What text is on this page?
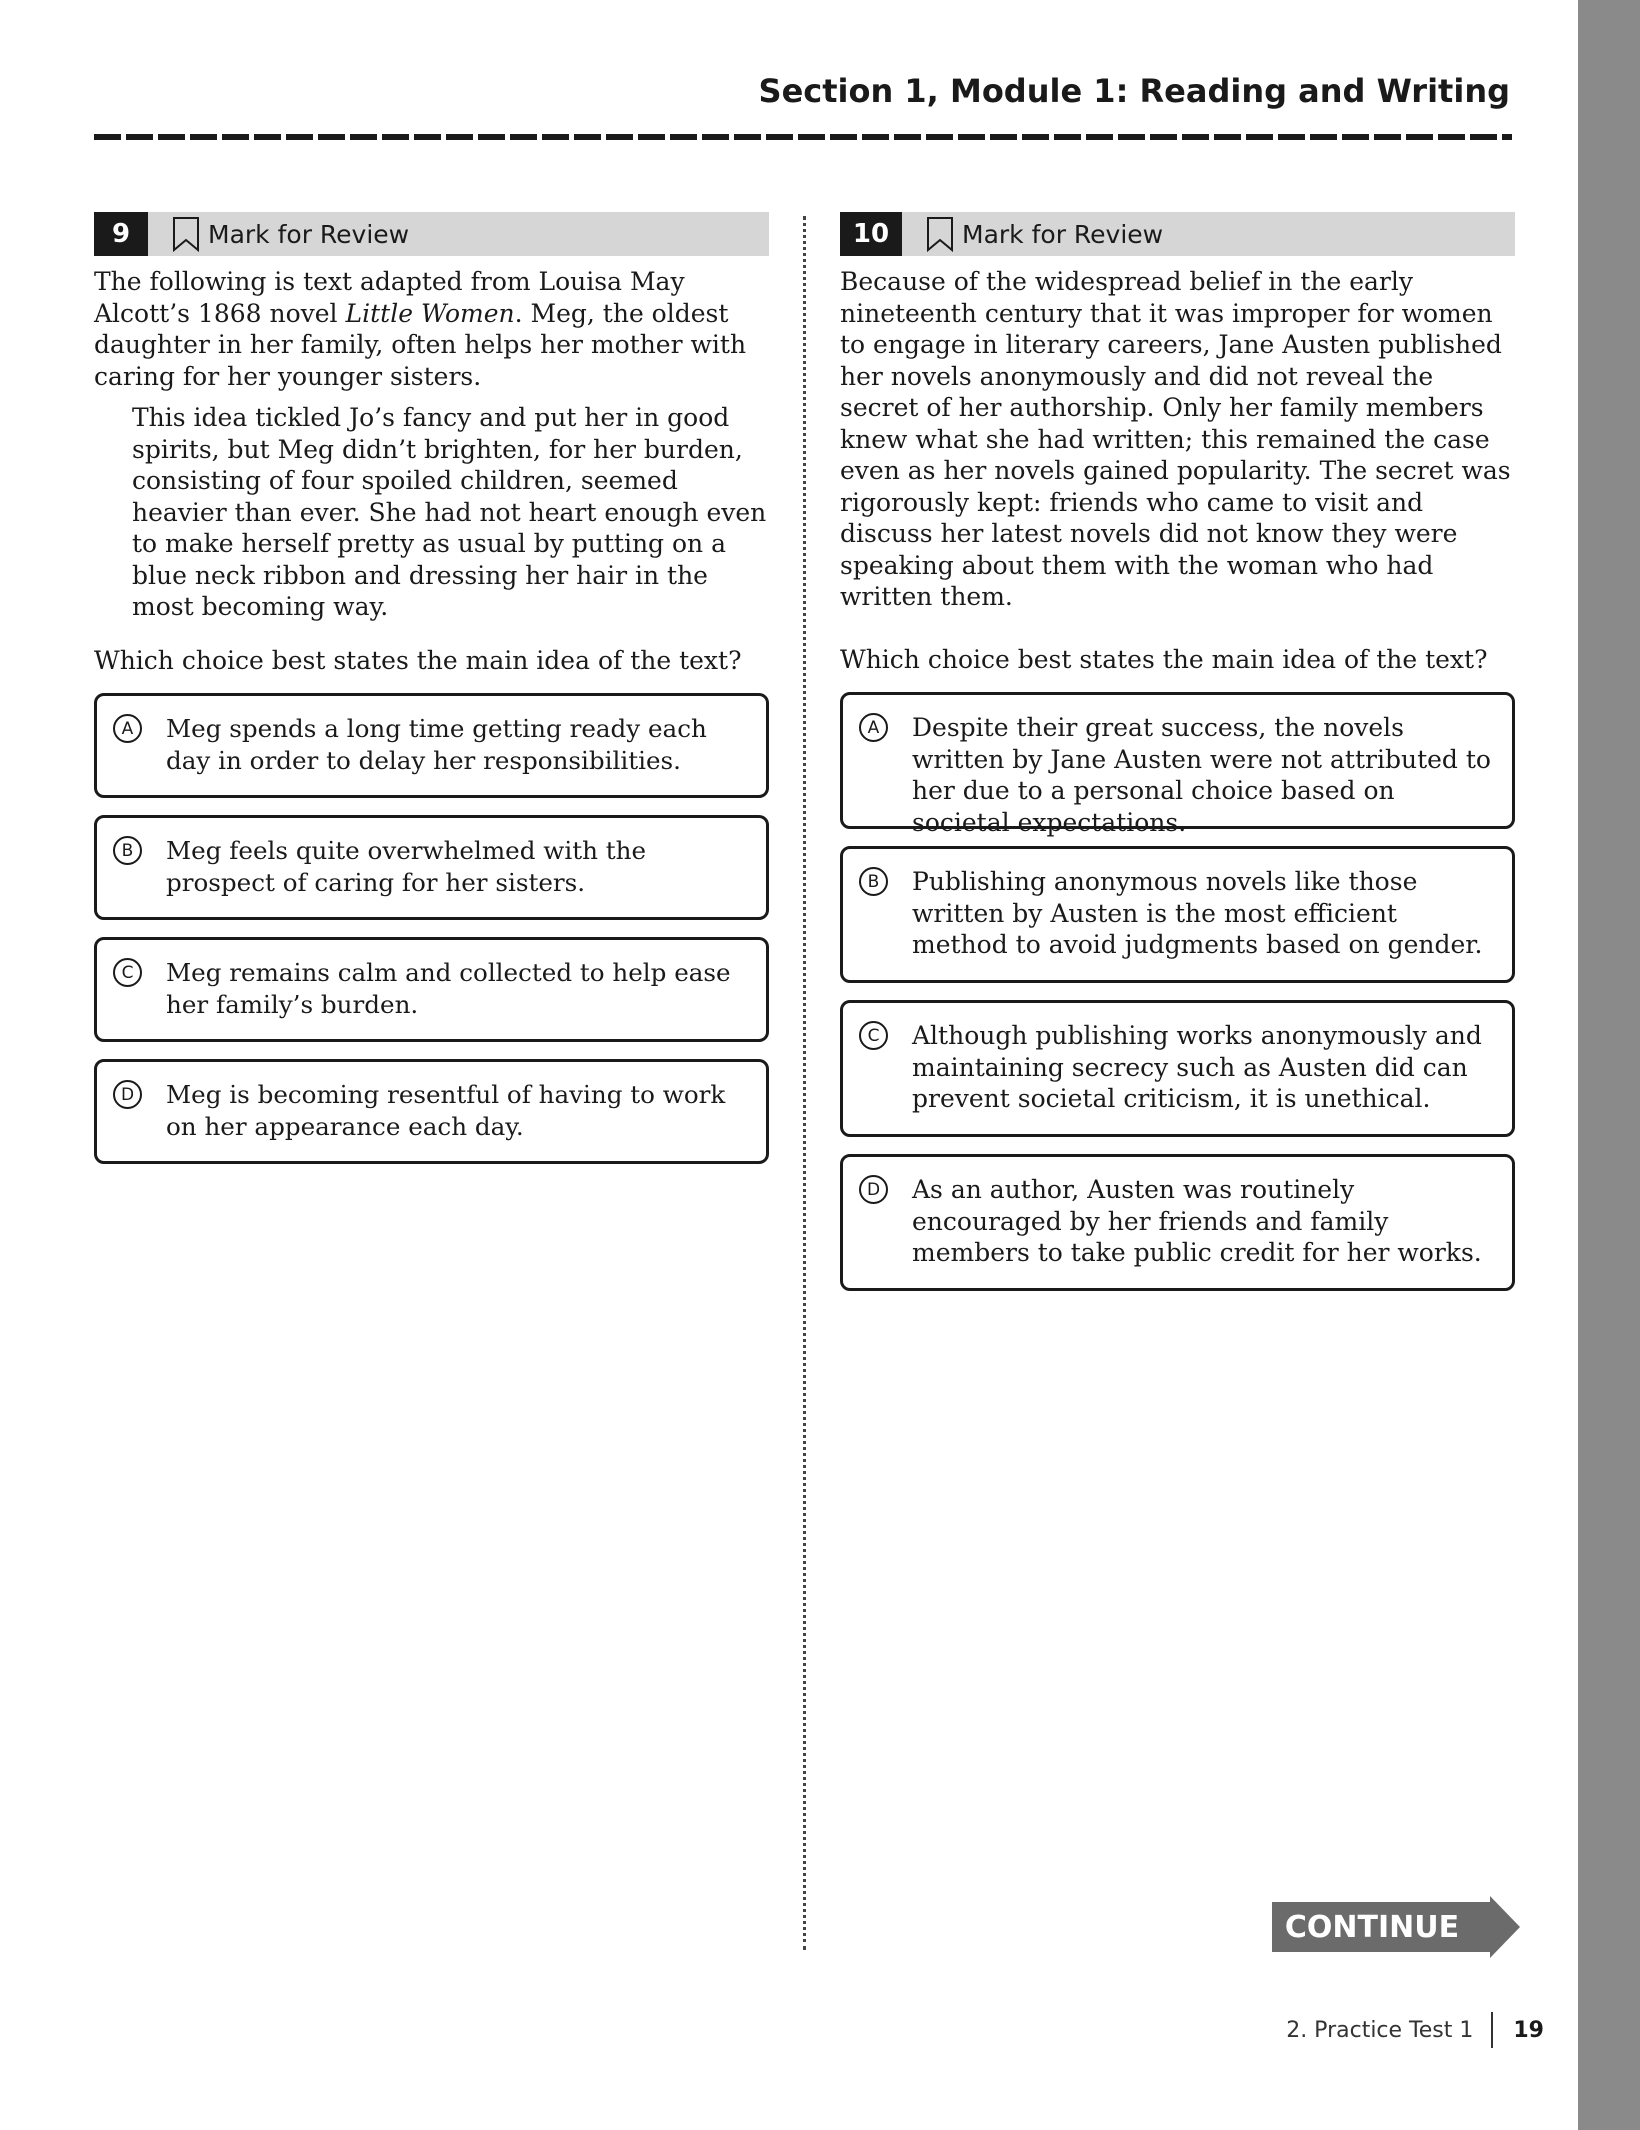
Section 1, Module 1: Reading and Writing
9	Mark for Review
The following is text adapted from Louisa May Alcott’s 1868 novel Little Women. Meg, the oldest daughter in her family, often helps her mother with caring for her younger sisters.
This idea tickled Jo’s fancy and put her in good spirits, but Meg didn’t brighten, for her burden, consisting of four spoiled children, seemed heavier than ever. She had not heart enough even to make herself pretty as usual by putting on a blue neck ribbon and dressing her hair in the most becoming way.
Which choice best states the main idea of the text?
A	Meg spends a long time getting ready each day in order to delay her responsibilities.
B	Meg feels quite overwhelmed with the prospect of caring for her sisters.
C	Meg remains calm and collected to help ease her family’s burden.
D	Meg is becoming resentful of having to work on her appearance each day.
10	Mark for Review
Because of the widespread belief in the early nineteenth century that it was improper for women to engage in literary careers, Jane Austen published her novels anonymously and did not reveal the secret of her authorship. Only her family members knew what she had written; this remained the case even as her novels gained popularity. The secret was rigorously kept: friends who came to visit and discuss her latest novels did not know they were speaking about them with the woman who had written them.
Which choice best states the main idea of the text?
A	Despite their great success, the novels written by Jane Austen were not attributed to her due to a personal choice based on societal expectations.
B	Publishing anonymous novels like those written by Austen is the most efficient method to avoid judgments based on gender.
C	Although publishing works anonymously and maintaining secrecy such as Austen did can prevent societal criticism, it is unethical.
D	As an author, Austen was routinely encouraged by her friends and family members to take public credit for her works.
CONTINUE
2. Practice Test 1 19
